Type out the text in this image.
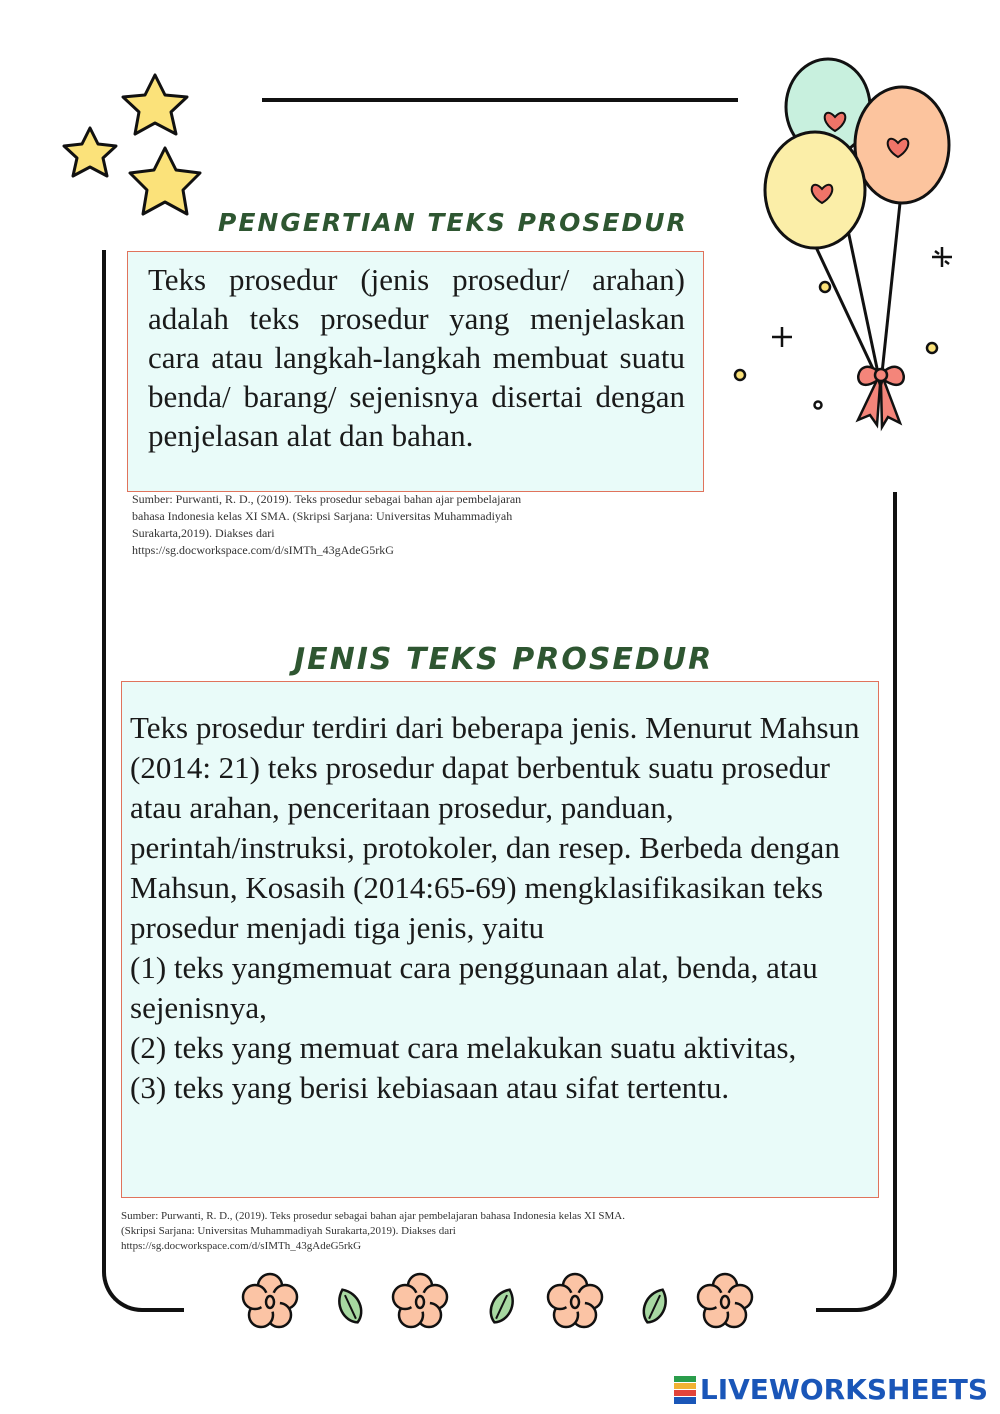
PENGERTIAN TEKS PROSEDUR
Teks prosedur (jenis prosedur/ arahan) adalah teks prosedur yang menjelaskan cara atau langkah-langkah membuat suatu benda/ barang/ sejenisnya disertai dengan penjelasan alat dan bahan.
Sumber: Purwanti, R. D., (2019). Teks prosedur sebagai bahan ajar pembelajaran
bahasa Indonesia kelas XI SMA. (Skripsi Sarjana: Universitas Muhammadiyah
Surakarta,2019). Diakses dari
https://sg.docworkspace.com/d/sIMTh_43gAdeG5rkG
JENIS TEKS PROSEDUR

Teks prosedur terdiri dari beberapa jenis. Menurut Mahsun (2014: 21) teks prosedur dapat berbentuk suatu prosedur atau arahan, penceritaan prosedur, panduan, perintah/instruksi, protokoler, dan resep. Berbeda dengan Mahsun, Kosasih (2014:65-69) mengklasifikasikan teks prosedur menjadi tiga jenis, yaitu

(1) teks yangmemuat cara penggunaan alat, benda, atau sejenisnya,

(2) teks yang memuat cara melakukan suatu aktivitas,

(3) teks yang berisi kebiasaan atau sifat tertentu.

Sumber: Purwanti, R. D., (2019). Teks prosedur sebagai bahan ajar pembelajaran bahasa Indonesia kelas XI SMA.
(Skripsi Sarjana: Universitas Muhammadiyah Surakarta,2019). Diakses dari
https://sg.docworkspace.com/d/sIMTh_43gAdeG5rkG
LIVEWORKSHEETS
